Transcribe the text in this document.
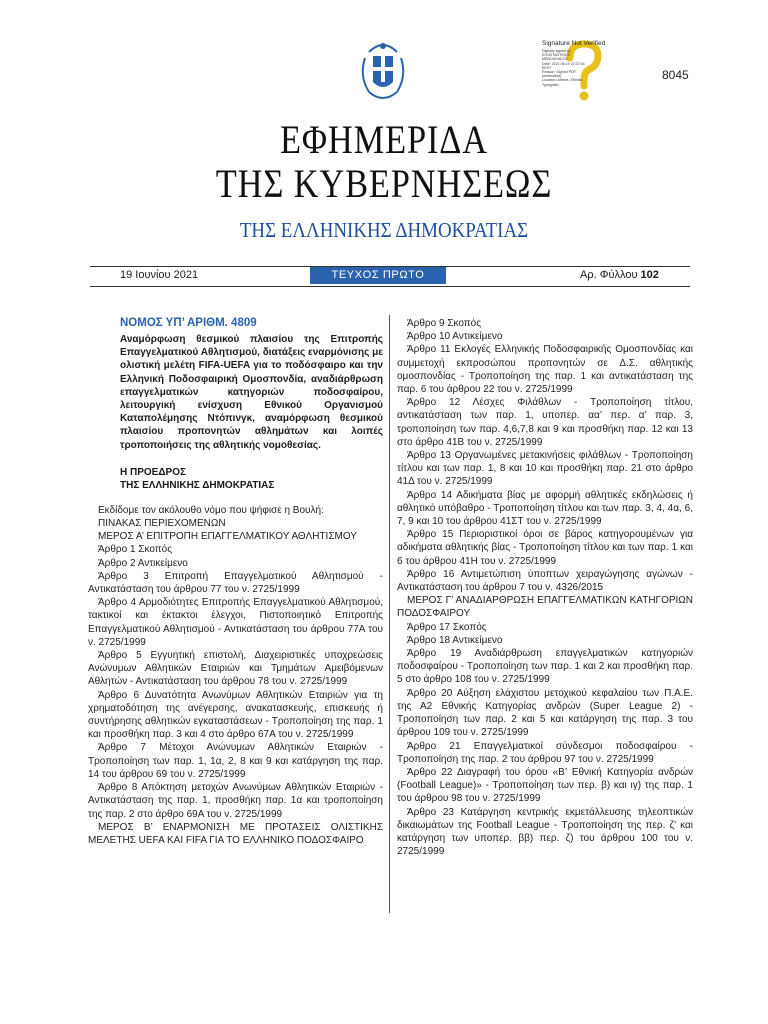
Signature Not Verified
Digitally signed by
KONSTANTINOS
MENOUDAKOS
Date: 2021.06.19 22:37:04
EEST
Reason: Signed PDF
(embedded)
Location: Athens, Ethniko
Typografio
8045
ΕΦΗΜΕΡΙΔΑ
ΤΗΣ ΚΥΒΕΡΝΗΣΕΩΣ
ΤΗΣ ΕΛΛΗΝΙΚΗΣ ΔΗΜΟΚΡΑΤΙΑΣ
19 Ιουνίου 2021	ΤΕΥΧΟΣ ΠΡΩΤΟ	Αρ. Φύλλου 102
ΝΟΜΟΣ ΥΠ’ ΑΡΙΘΜ. 4809
Αναμόρφωση θεσμικού πλαισίου της Επιτροπής Επαγγελματικού Αθλητισμού, διατάξεις εναρμόνισης με ολιστική μελέτη FIFA-UEFA για το ποδόσφαιρο και την Ελληνική Ποδοσφαιρική Ομοσπονδία, αναδιάρθρωση επαγγελματικών κατηγοριών ποδοσφαίρου, λειτουργική ενίσχυση Εθνικού Οργανισμού Καταπολέμησης Ντόπινγκ, αναμόρφωση θεσμικού πλαισίου προπονητών αθλημάτων και λοιπές τροποποιήσεις της αθλητικής νομοθεσίας.
Η ΠΡΟΕΔΡΟΣ
ΤΗΣ ΕΛΛΗΝΙΚΗΣ ΔΗΜΟΚΡΑΤΙΑΣ

Εκδίδομε τον ακόλουθο νόμο που ψήφισε η Βουλή:

ΠΙΝΑΚΑΣ ΠΕΡΙΕΧΟΜΕΝΩΝ

ΜΕΡΟΣ Α’ ΕΠΙΤΡΟΠΗ ΕΠΑΓΓΕΛΜΑΤΙΚΟΥ ΑΘΛΗΤΙΣΜΟΥ

Άρθρο 1 Σκοπός

Άρθρο 2 Αντικείμενο

Άρθρο 3 Επιτροπή Επαγγελματικού Αθλητισμού - Αντικατάσταση του άρθρου 77 του ν. 2725/1999

Άρθρο 4 Αρμοδιότητες Επιτροπής Επαγγελματικού Αθλητισμού, τακτικοί και έκτακτοι έλεγχοι, Πιστοποιητικό Επιτροπής Επαγγελματικού Αθλητισμού - Αντικατάσταση του άρθρου 77Α του ν. 2725/1999

Άρθρο 5 Εγγυητική επιστολή, Διαχειριστικές υποχρεώσεις Ανώνυμων Αθλητικών Εταιριών και Τμημάτων Αμειβόμενων Αθλητών - Αντικατάσταση του άρθρου 78 του ν. 2725/1999

Άρθρο 6 Δυνατότητα Ανωνύμων Αθλητικών Εταιριών για τη χρηματοδότηση της ανέγερσης, ανακατασκευής, επισκευής ή συντήρησης αθλητικών εγκαταστάσεων - Τροποποίηση της παρ. 1 και προσθήκη παρ. 3 και 4 στο άρθρο 67Α του ν. 2725/1999

Άρθρο 7 Μέτοχοι Ανώνυμων Αθλητικών Εταιριών - Τροποποίηση των παρ. 1, 1α, 2, 8 και 9 και κατάργηση της παρ. 14 του άρθρου 69 του ν. 2725/1999

Άρθρο 8 Απόκτηση μετοχών Ανωνύμων Αθλητικών Εταιριών - Αντικατάσταση της παρ. 1, προσθήκη παρ. 1α και τροποποίηση της παρ. 2 στο άρθρο 69Α του ν. 2725/1999

ΜΕΡΟΣ Β’ ΕΝΑΡΜΟΝΙΣΗ ΜΕ ΠΡΟΤΑΣΕΙΣ ΟΛΙΣΤΙΚΗΣ ΜΕΛΕΤΗΣ UEFA ΚΑΙ FIFA ΓΙΑ ΤΟ ΕΛΛΗΝΙΚΟ ΠΟΔΟΣΦΑΙΡΟ

Άρθρο 9 Σκοπός

Άρθρο 10 Αντικείμενο

Άρθρο 11 Εκλογές Ελληνικής Ποδοσφαιρικής Ομοσπονδίας και συμμετοχή εκπροσώπου προπονητών σε Δ.Σ. αθλητικής ομοσπονδίας - Τροποποίηση της παρ. 1 και αντικατάσταση της παρ. 6 του άρθρου 22 του ν. 2725/1999

Άρθρο 12 Λέσχες Φιλάθλων - Τροποποίηση τίτλου, αντικατάσταση των παρ. 1, υποπερ. αα’ περ. α’ παρ. 3, τροποποίηση των παρ. 4,6,7,8 και 9 και προσθήκη παρ. 12 και 13 στο άρθρο 41Β του ν. 2725/1999

Άρθρο 13 Οργανωμένες μετακινήσεις φιλάθλων - Τροποποίηση τίτλου και των παρ. 1, 8 και 10 και προσθήκη παρ. 21 στο άρθρο 41Δ του ν. 2725/1999

Άρθρο 14 Αδικήματα βίας με αφορμή αθλητικές εκδηλώσεις ή αθλητικό υπόβαθρο - Τροποποίηση τίτλου και των παρ. 3, 4, 4α, 6, 7, 9 και 10 του άρθρου 41ΣΤ του ν. 2725/1999

Άρθρο 15 Περιοριστικοί όροι σε βάρος κατηγορουμένων για αδικήματα αθλητικής βίας - Τροποποίηση τίτλου και των παρ. 1 και 6 του άρθρου 41Η του ν. 2725/1999

Άρθρο 16 Αντιμετώπιση ύποπτων χειραγώγησης αγώνων - Αντικατάσταση του άρθρου 7 του ν. 4326/2015

ΜΕΡΟΣ Γ’ ΑΝΑΔΙΑΡΘΡΩΣΗ ΕΠΑΓΓΕΛΜΑΤΙΚΩΝ ΚΑΤΗΓΟΡΙΩΝ ΠΟΔΟΣΦΑΙΡΟΥ

Άρθρο 17 Σκοπός

Άρθρο 18 Αντικείμενο

Άρθρο 19 Αναδιάρθρωση επαγγελματικών κατηγοριών ποδοσφαίρου - Τροποποίηση των παρ. 1 και 2 και προσθήκη παρ. 5 στο άρθρο 108 του ν. 2725/1999

Άρθρο 20 Αύξηση ελάχιστου μετοχικού κεφαλαίου των Π.Α.Ε. της Α2 Εθνικής Κατηγορίας ανδρών (Super League 2) - Τροποποίηση των παρ. 2 και 5 και κατάργηση της παρ. 3 του άρθρου 109 του ν. 2725/1999

Άρθρο 21 Επαγγελματικοί σύνδεσμοι ποδοσφαίρου - Τροποποίηση της παρ. 2 του άρθρου 97 του ν. 2725/1999

Άρθρο 22 Διαγραφή του όρου «Β’ Εθνική Κατηγορία ανδρών (Football League)» - Τροποποίηση των περ. β) και ιγ) της παρ. 1 του άρθρου 98 του ν. 2725/1999

Άρθρο 23 Κατάργηση κεντρικής εκμετάλλευσης τηλεοπτικών δικαιωμάτων της Football League - Τροποποίηση της περ. ζ’ και κατάργηση των υποπερ. ββ) περ. ζ) του άρθρου 100 του ν. 2725/1999
